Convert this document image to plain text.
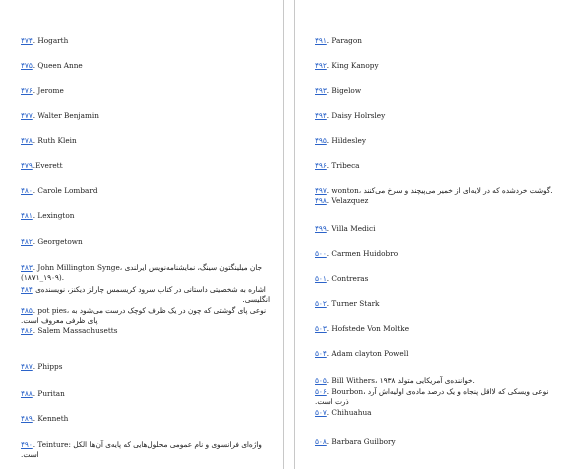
۴۷۴. Hogarth
۴۷۵. Queen Anne
۴۷۶. Jerome
۴۷۷. Walter Benjamin
۴۷۸. Ruth Klein
۴۷۹.Everett
۴۸۰. Carole Lombard
۴۸۱. Lexington
۴۸۲. Georgetown
۴۸۳. John Millington Synge، جان میلینگتون سینگ، نمایشنامه‌نویس ایرلندی
(۱۸۷۱_۱۹۰۹).
۴۸۴ اشاره به شخصیتی داستانی در کتاب سرود کریسمس چارلز دیکنز، نویسنده‌ی
انگلیسی.
۴۸۵. pot pies، نوعی پای گوشتی که چون در یک ظرف کوچک درست می‌شود به
پای ظرفی معروف است.
۴۸۶. Salem Massachusetts
۴۸۷. Phipps
۴۸۸. Puritan
۴۸۹. Kenneth
۴۹۰. Teinture: واژه‌ای فرانسوی و نام عمومی محلول‌هایی که پایه‌ی آن‌ها الکل
است.
۴۹۱. Paragon
۴۹۲. King Kanopy
۴۹۳. Bigelow
۴۹۴. Daisy Holrsley
۴۹۵. Hildesley
۴۹۶. Tribeca
۴۹۷. wonton، گوشت خردشده که در لایه‌ای از خمیر می‌پیچند و سرخ می‌کنند.
۴۹۸. Velazquez
۴۹۹. Villa Medici
۵۰۰. Carmen Huidobro
۵۰۱. Contreras
۵۰۲. Turner Stark
۵۰۳. Hofstede Von Moltke
۵۰۴. Adam clayton Powell
۵۰۵. Bill Withers، خواننده‌ی آمریکایی متولد ۱۹۳۸.
۵۰۶. Bourbon، نوعی ویسکی که لااقل پنجاه و یک درصد ماده‌ی اولیه‌اش آرد
ذرت است.
۵۰۷. Chihuahua
۵۰۸. Barbara Guilbory
